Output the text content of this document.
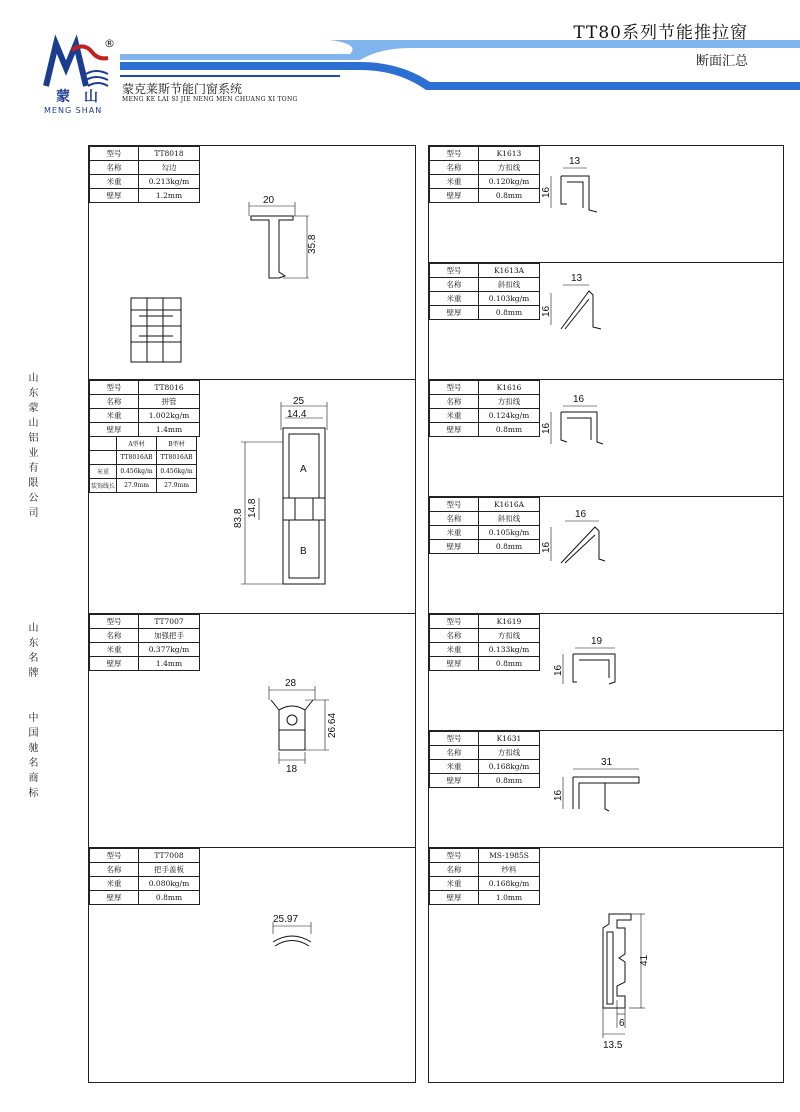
®
蒙山
MENG SHAN
蒙克莱斯节能门窗系统
MENG KE LAI SI JIE NENG MEN CHUANG XI TONG
TT80系列节能推拉窗
断面汇总
山东蒙山铝业有限公司
山东名牌
中国驰名商标
型号	TT8018
名称	勾边
米重	0.213kg/m
壁厚	1.2mm	20
35.8
型号	TT8016
名称	拼管
米重	1.002kg/m
壁厚	1.4mm
	A型材	B型材
	TT8016AB	TT8016AB
米重	0.456kg/m	0.456kg/m
装饰线长	27.9mm	27.9mm
25
14.4
A
B
83.8
14.8
型号	TT7007
名称	加强把手
米重	0.377kg/m
壁厚	1.4mm
28
26.64
18
型号	TT7008
名称	把手盖板
米重	0.080kg/m
壁厚	0.8mm
25.97
型号	K1613
名称	方扣线
米重	0.120kg/m
壁厚	0.8mm
13
16
型号	K1613A
名称	斜扣线
米重	0.103kg/m
壁厚	0.8mm
13
16
型号	K1616
名称	方扣线
米重	0.124kg/m
壁厚	0.8mm
16
16
型号	K1616A
名称	斜扣线
米重	0.105kg/m
壁厚	0.8mm
16
16
型号	K1619
名称	方扣线
米重	0.133kg/m
壁厚	0.8mm
19
16
型号	K1631
名称	方扣线
米重	0.168kg/m
壁厚	0.8mm
31
16
型号	MS-1985S
名称	纱料
米重	0.168kg/m
壁厚	1.0mm
41
6
13.5
